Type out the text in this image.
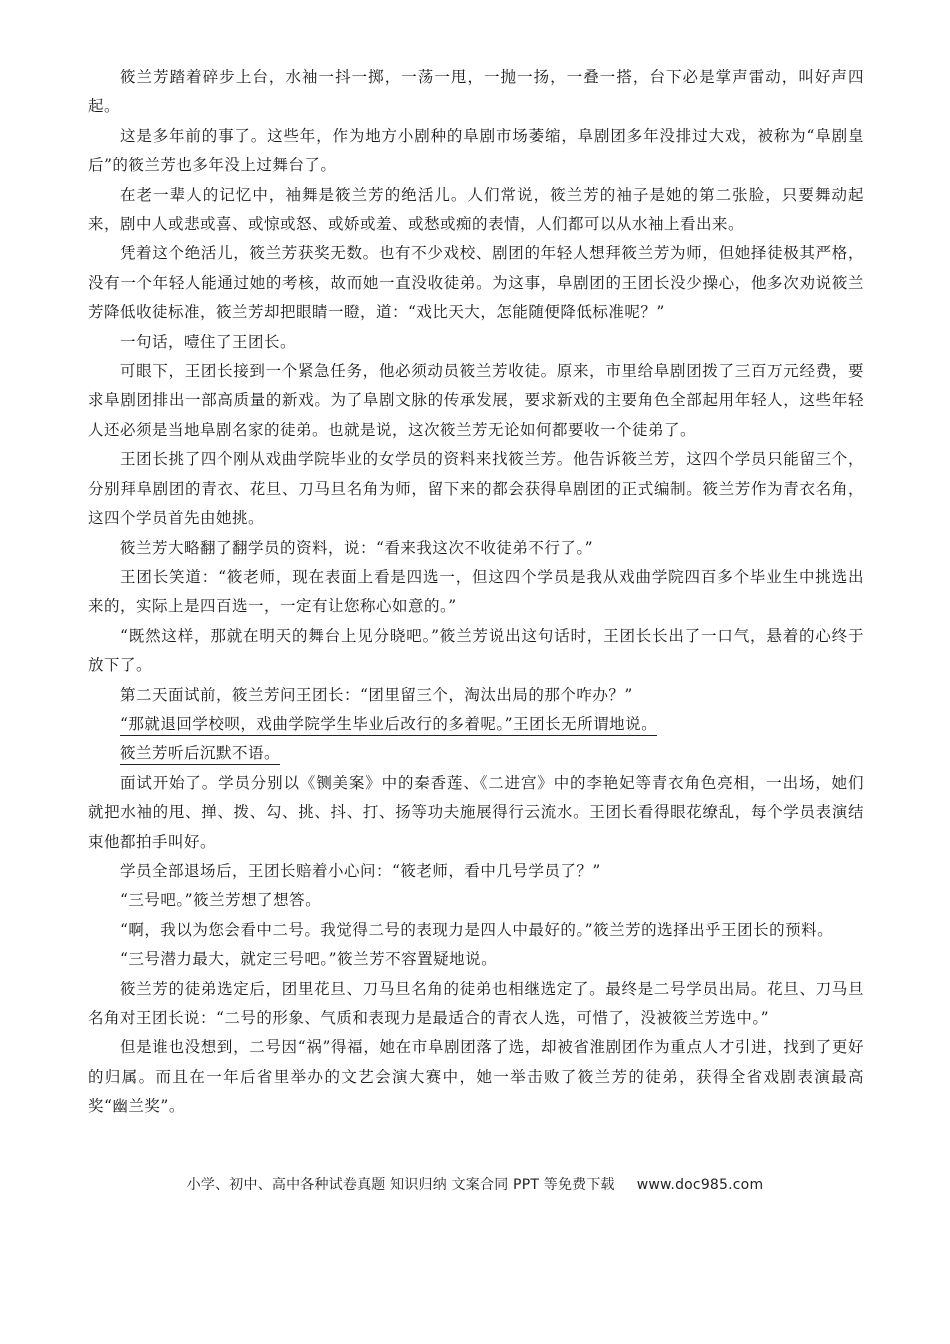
筱兰芳踏着碎步上台，水袖一抖一掷，一荡一甩，一抛一扬，一叠一搭，台下必是掌声雷动，叫好声四起。

这是多年前的事了。这些年，作为地方小剧种的阜剧市场萎缩，阜剧团多年没排过大戏，被称为“阜剧皇后”的筱兰芳也多年没上过舞台了。

在老一辈人的记忆中，袖舞是筱兰芳的绝活儿。人们常说，筱兰芳的袖子是她的第二张脸，只要舞动起来，剧中人或悲或喜、或惊或怒、或娇或羞、或愁或痴的表情，人们都可以从水袖上看出来。

凭着这个绝活儿，筱兰芳获奖无数。也有不少戏校、剧团的年轻人想拜筱兰芳为师，但她择徒极其严格，没有一个年轻人能通过她的考核，故而她一直没收徒弟。为这事，阜剧团的王团长没少操心，他多次劝说筱兰芳降低收徒标准，筱兰芳却把眼睛一瞪，道：“戏比天大，怎能随便降低标准呢？”

一句话，噎住了王团长。

可眼下，王团长接到一个紧急任务，他必须动员筱兰芳收徒。原来，市里给阜剧团拨了三百万元经费，要求阜剧团排出一部高质量的新戏。为了阜剧文脉的传承发展，要求新戏的主要角色全部起用年轻人，这些年轻人还必须是当地阜剧名家的徒弟。也就是说，这次筱兰芳无论如何都要收一个徒弟了。

王团长挑了四个刚从戏曲学院毕业的女学员的资料来找筱兰芳。他告诉筱兰芳，这四个学员只能留三个，分别拜阜剧团的青衣、花旦、刀马旦名角为师，留下来的都会获得阜剧团的正式编制。筱兰芳作为青衣名角，这四个学员首先由她挑。

筱兰芳大略翻了翻学员的资料，说：“看来我这次不收徒弟不行了。”

王团长笑道：“筱老师，现在表面上看是四选一，但这四个学员是我从戏曲学院四百多个毕业生中挑选出来的，实际上是四百选一，一定有让您称心如意的。”

“既然这样，那就在明天的舞台上见分晓吧。”筱兰芳说出这句话时，王团长长出了一口气，悬着的心终于放下了。

第二天面试前，筱兰芳问王团长：“团里留三个，淘汰出局的那个咋办？”

“那就退回学校呗，戏曲学院学生毕业后改行的多着呢。”王团长无所谓地说。

筱兰芳听后沉默不语。

面试开始了。学员分别以《铡美案》中的秦香莲、《二进宫》中的李艳妃等青衣角色亮相，一出场，她们就把水袖的甩、掸、拨、勾、挑、抖、打、扬等功夫施展得行云流水。王团长看得眼花缭乱，每个学员表演结束他都拍手叫好。

学员全部退场后，王团长赔着小心问：“筱老师，看中几号学员了？”

“三号吧。”筱兰芳想了想答。

“啊，我以为您会看中二号。我觉得二号的表现力是四人中最好的。”筱兰芳的选择出乎王团长的预料。

“三号潜力最大，就定三号吧。”筱兰芳不容置疑地说。

筱兰芳的徒弟选定后，团里花旦、刀马旦名角的徒弟也相继选定了。最终是二号学员出局。花旦、刀马旦名角对王团长说：“二号的形象、气质和表现力是最适合的青衣人选，可惜了，没被筱兰芳选中。”

但是谁也没想到，二号因“祸”得福，她在市阜剧团落了选，却被省淮剧团作为重点人才引进，找到了更好的归属。而且在一年后省里举办的文艺会演大赛中，她一举击败了筱兰芳的徒弟，获得全省戏剧表演最高奖“幽兰奖”。

小学、初中、高中各种试卷真题 知识归纳 文案合同 PPT 等免费下载 www.doc985.com
